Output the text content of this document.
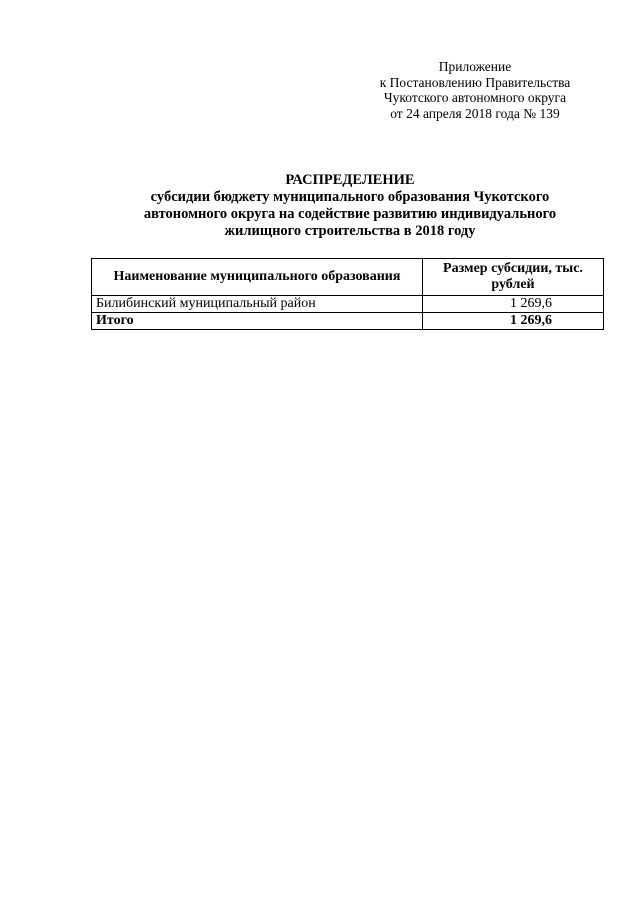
Приложение
к Постановлению Правительства
Чукотского автономного округа
от 24 апреля 2018 года № 139
РАСПРЕДЕЛЕНИЕ
субсидии бюджету муниципального образования Чукотского
автономного округа на содействие развитию индивидуального
жилищного строительства в 2018 году
Наименование муниципального образования	Размер субсидии, тыс. рублей
Билибинский муниципальный район	1 269,6
Итого	1 269,6
